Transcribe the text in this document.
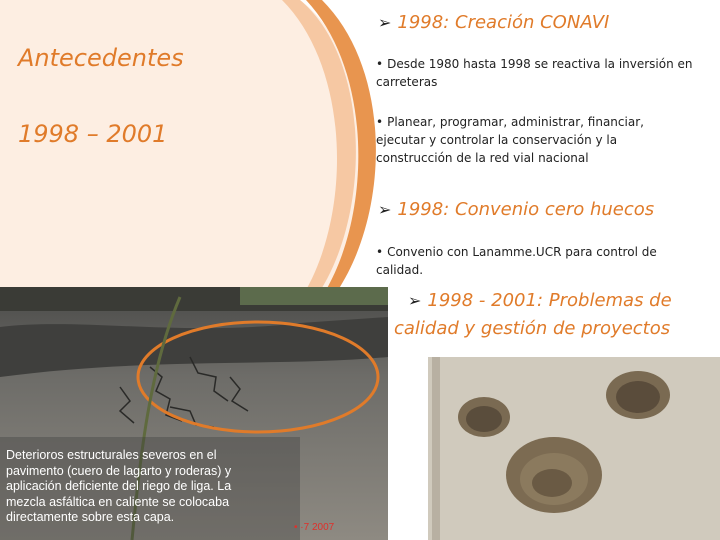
Antecedentes
1998 – 2001
➢ 1998: Creación CONAVI
• Desde 1980 hasta 1998 se reactiva la inversión en
carreteras
• Planear, programar, administrar, financiar,
ejecutar y controlar la conservación y la
construcción de la red vial nacional
➢ 1998: Convenio cero huecos
• Convenio con Lanamme.UCR para control de
calidad.
➢ 1998 - 2001: Problemas de
calidad y gestión de proyectos
Deterioros estructurales severos en el
pavimento (cuero de lagarto y roderas) y
aplicación deficiente del riego de liga. La
mezcla asfáltica en caliente se colocaba
directamente sobre esta capa.
• ·7 2007
